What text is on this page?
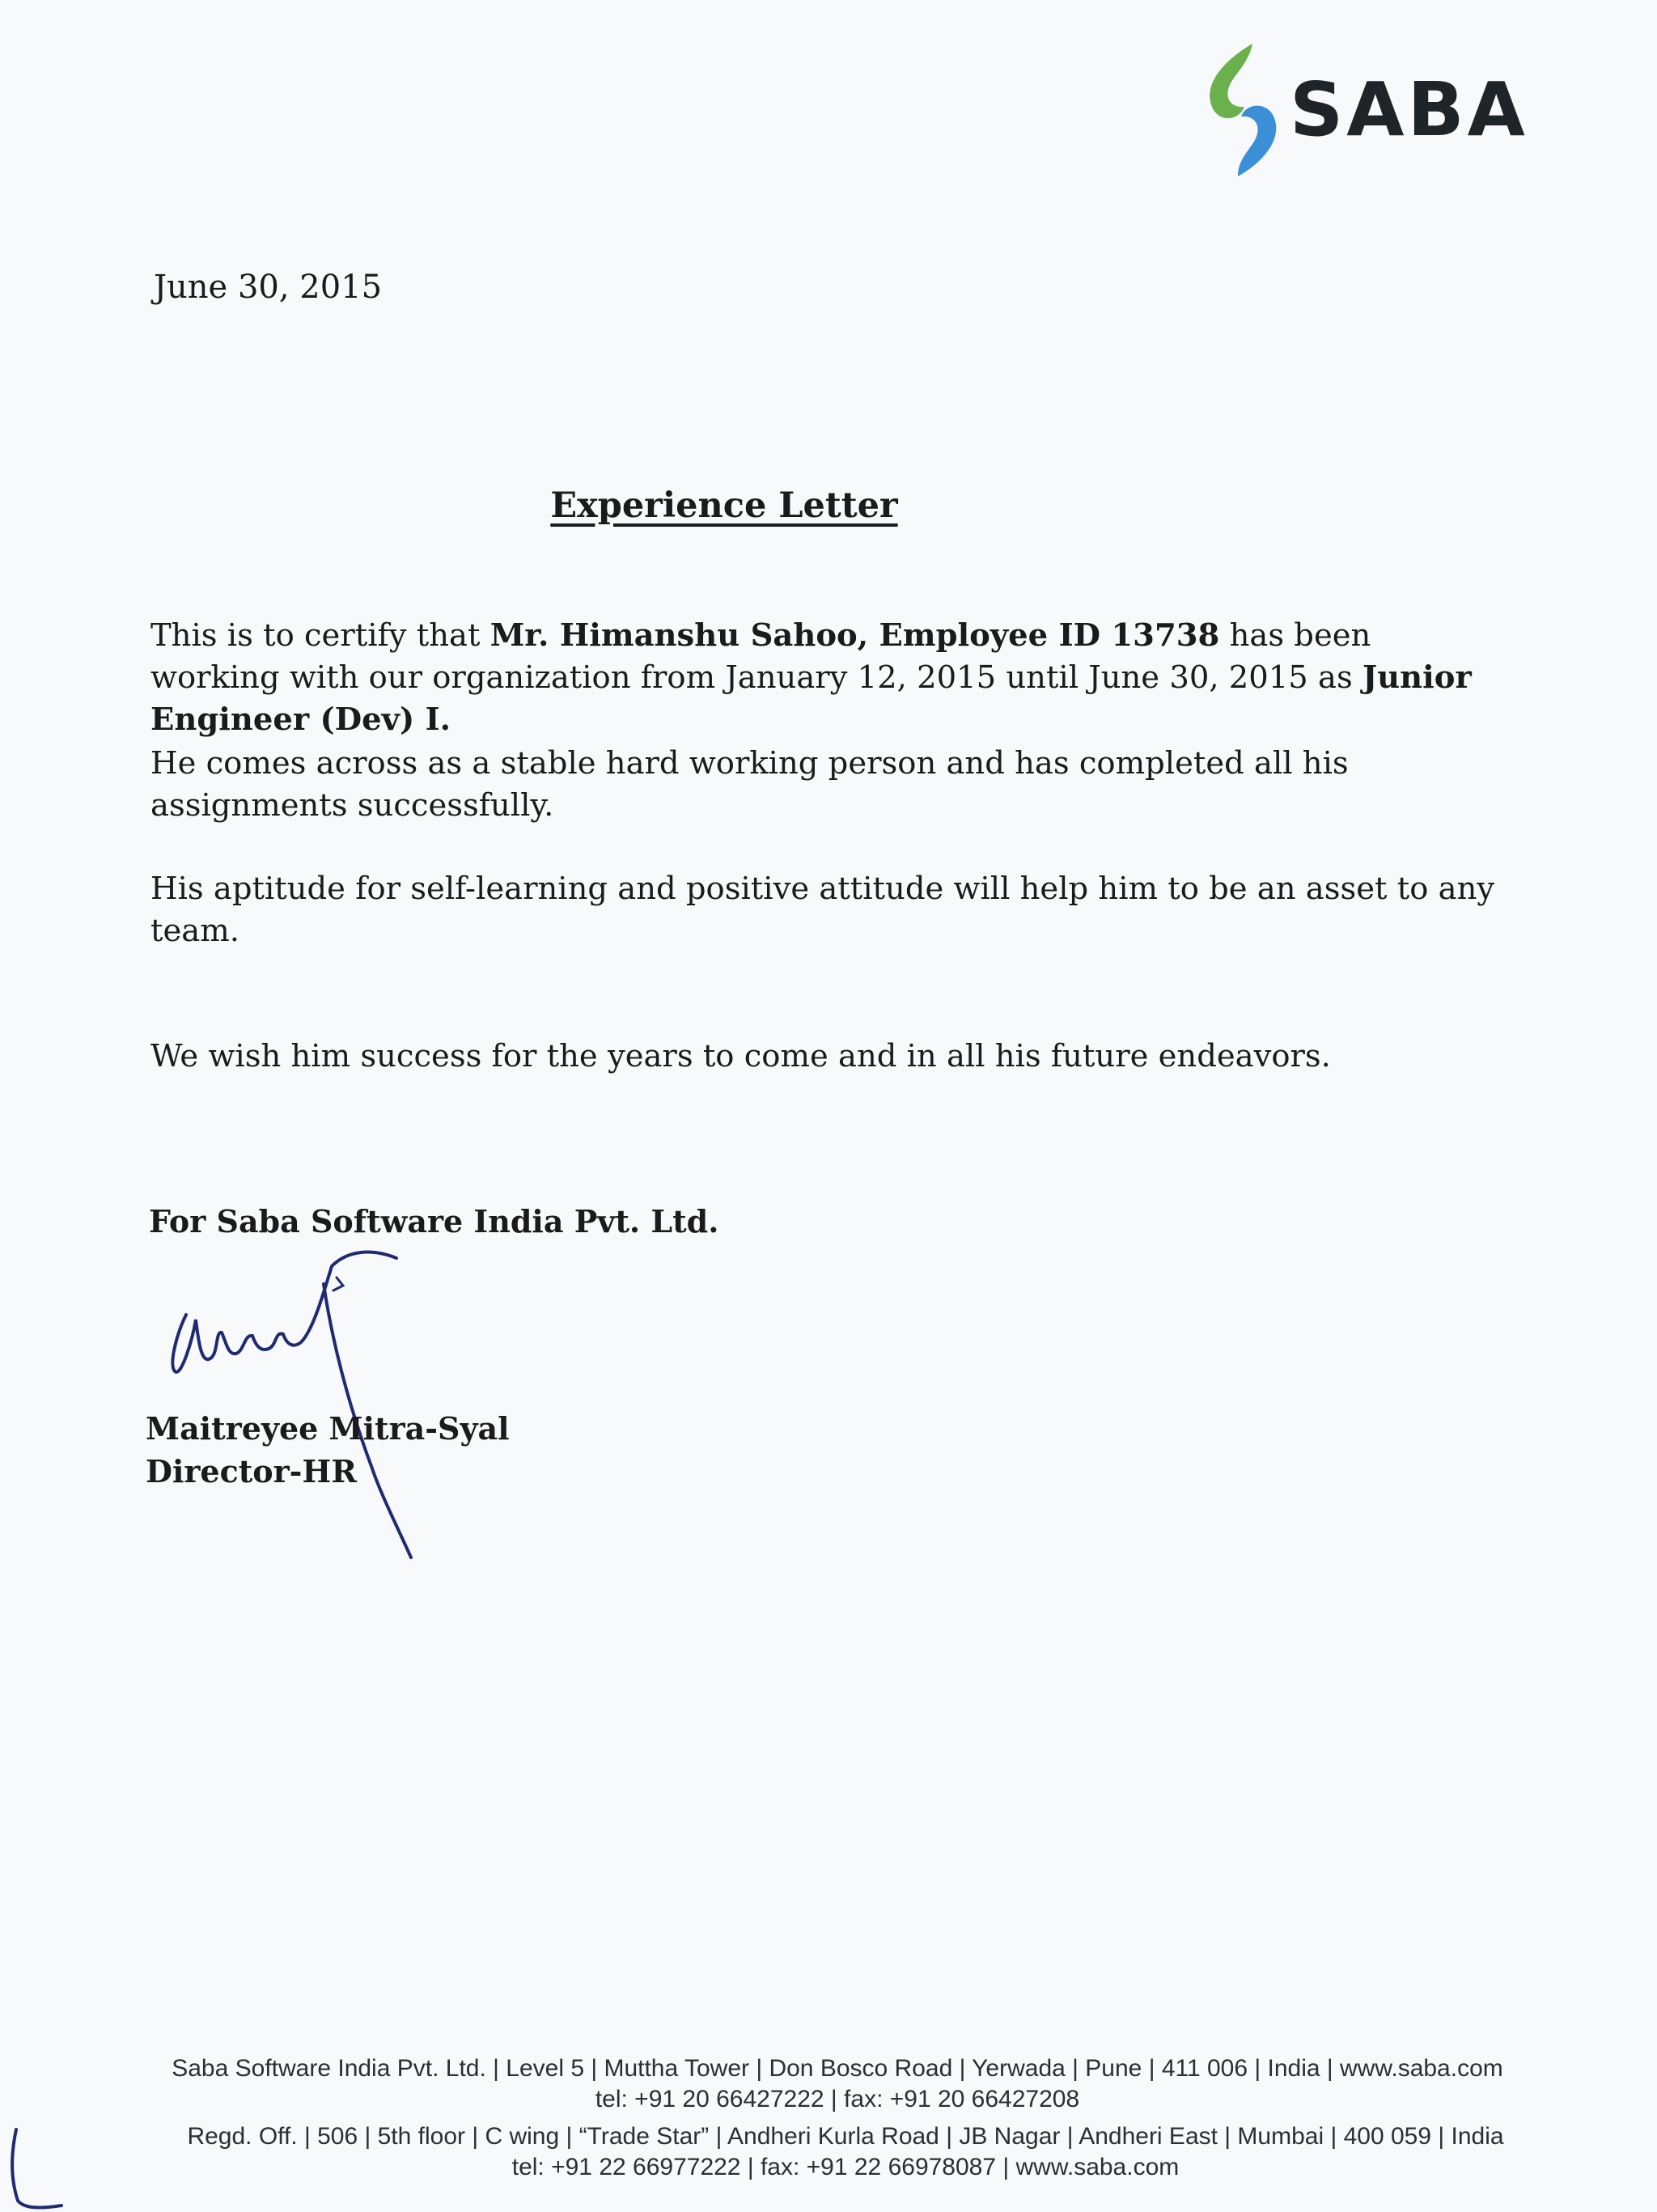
SABA
June 30, 2015
Experience Letter
This is to certify that Mr. Himanshu Sahoo, Employee ID 13738 has been working with our organization from January 12, 2015 until June 30, 2015 as Junior Engineer (Dev) I.
He comes across as a stable hard working person and has completed all his assignments successfully.
His aptitude for self-learning and positive attitude will help him to be an asset to any team.
We wish him success for the years to come and in all his future endeavors.
For Saba Software India Pvt. Ltd.
Maitreyee Mitra-Syal
Director-HR
Saba Software India Pvt. Ltd. | Level 5 | Muttha Tower | Don Bosco Road | Yerwada | Pune | 411 006 | India | www.saba.com
tel: +91 20 66427222 | fax: +91 20 66427208
Regd. Off. | 506 | 5th floor | C wing | “Trade Star” | Andheri Kurla Road | JB Nagar | Andheri East | Mumbai | 400 059 | India
tel: +91 22 66977222 | fax: +91 22 66978087 | www.saba.com
